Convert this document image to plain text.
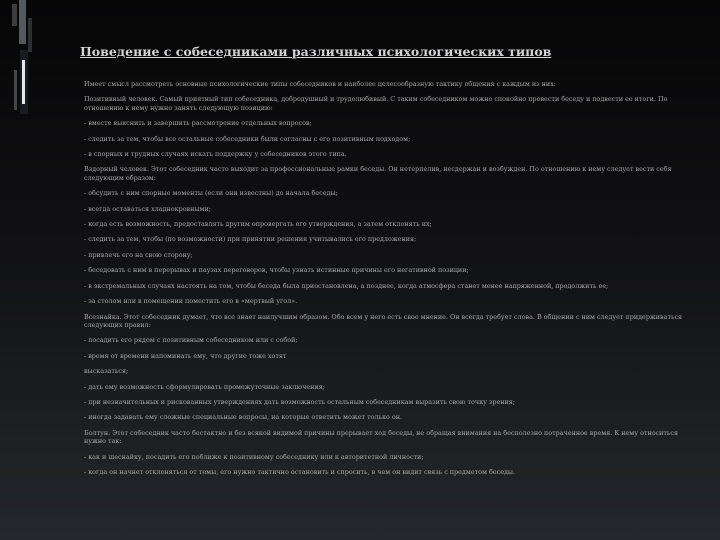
Поведение с собеседниками различных психологических типов

Имеет смысл рассмотреть основные психологические типы собеседников и наиболее целесообразную тактику общения с каждым из них:

Позитивный человек. Самый приятный тип собеседника, добродушный и трудолюбивый. С таким собеседником можно спокойно провести беседу и подвести ее итоги. По отношению к нему нужно занять следующую позицию:

- вместе выяснить и завершить рассмотрение отдельных вопросов;

- следить за тем, чтобы все остальные собеседники были согласны с его позитивным подходом;

- в спорных и трудных случаях искать поддержку у собеседников этого типа.

Вздорный человек. Этот собеседник часто выходит за профессиональные рамки беседы. Он нетерпелив, несдержан и возбужден. По отношению к нему следует вести себя следующим образом:

- обсудить с ним спорные моменты (если они известны) до начала беседы;

- всегда оставаться хладнокровными;

- когда есть возможность, предоставлять другим опровергать его утверждения, а затем отклонять их;

- следить за тем, чтобы (по возможности) при принятии решения учитывались его предложения;

- привлечь его на свою сторону;

- беседовать с ним в перерывах и паузах переговоров, чтобы узнать истинные причины его негативной позиции;

- в экстремальных случаях настоять на том, чтобы беседа была приостановлена, а позднее, когда атмосфера станет менее напряженной, продолжить ее;

- за столом или в помещении поместить его в «мертвый угол».

Всезнайка. Этот собеседник думает, что все знает наилучшим образом. Обо всем у него есть свое мнение. Он всегда требует слова. В общении с ним следует придерживаться следующих правил:

- посадить его рядом с позитивным собеседником или с собой;

- время от времени напоминать ему, что другие тоже хотят

высказаться;

- дать ему возможность сформулировать промежуточные заключения;

- при незначительных и рискованных утверждениях дать возможность остальным собеседникам выразить свою точку зрения;

- иногда задавать ему сложные специальные вопросы, на которые ответить может только он.

Болтун. Этот собеседник часто бестактно и без всякой видимой причины прерывает ход беседы, не обращая внимания на бесполезно потраченное время. К нему относиться нужно так:

- как и шеснайку, посадить его поближе к позитивному собеседнику или к авторитетной личности;

- когда он начнет отклоняться от темы, его нужно тактично остановить и спросить, в чем он видит связь с предметом беседы.
